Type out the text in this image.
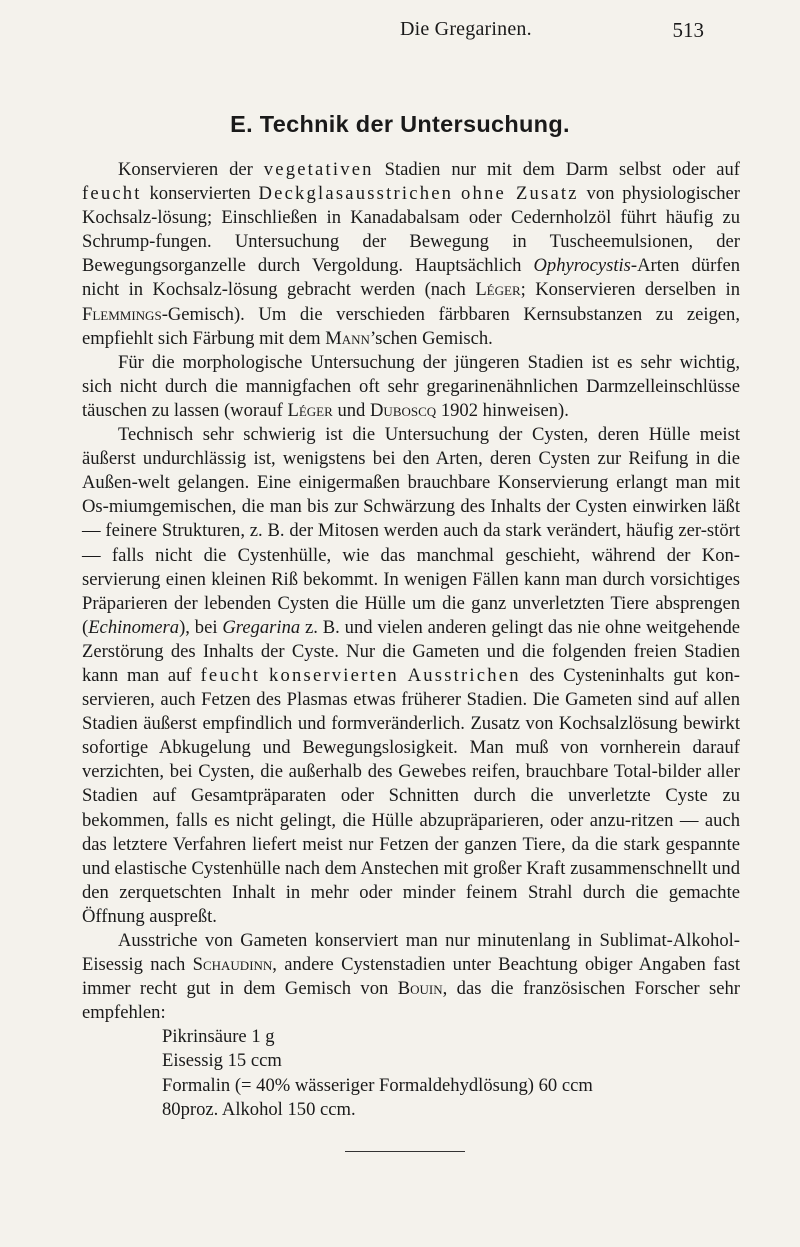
Die Gregarinen.	513
E. Technik der Untersuchung.

Konservieren der vegetativen Stadien nur mit dem Darm selbst oder auf feucht konservierten Deckglasausstrichen ohne Zusatz von physiologischer Kochsalz-lösung; Einschließen in Kanadabalsam oder Cedernholzöl führt häufig zu Schrump-fungen. Untersuchung der Bewegung in Tuscheemulsionen, der Bewegungsorganzelle durch Vergoldung. Hauptsächlich Ophyrocystis-Arten dürfen nicht in Kochsalz-lösung gebracht werden (nach Léger; Konservieren derselben in Flemmings-Gemisch). Um die verschieden färbbaren Kernsubstanzen zu zeigen, empfiehlt sich Färbung mit dem Mann’schen Gemisch.

Für die morphologische Untersuchung der jüngeren Stadien ist es sehr wichtig, sich nicht durch die mannigfachen oft sehr gregarinenähnlichen Darmzelleinschlüsse täuschen zu lassen (worauf Léger und Duboscq 1902 hinweisen).

Technisch sehr schwierig ist die Untersuchung der Cysten, deren Hülle meist äußerst undurchlässig ist, wenigstens bei den Arten, deren Cysten zur Reifung in die Außen-welt gelangen. Eine einigermaßen brauchbare Konservierung erlangt man mit Os-miumgemischen, die man bis zur Schwärzung des Inhalts der Cysten einwirken läßt — feinere Strukturen, z. B. der Mitosen werden auch da stark verändert, häufig zer-stört — falls nicht die Cystenhülle, wie das manchmal geschieht, während der Kon-servierung einen kleinen Riß bekommt. In wenigen Fällen kann man durch vorsichtiges Präparieren der lebenden Cysten die Hülle um die ganz unverletzten Tiere absprengen (Echinomera), bei Gregarina z. B. und vielen anderen gelingt das nie ohne weitgehende Zerstörung des Inhalts der Cyste. Nur die Gameten und die folgenden freien Stadien kann man auf feucht konservierten Ausstrichen des Cysteninhalts gut kon-servieren, auch Fetzen des Plasmas etwas früherer Stadien. Die Gameten sind auf allen Stadien äußerst empfindlich und formveränderlich. Zusatz von Kochsalzlösung bewirkt sofortige Abkugelung und Bewegungslosigkeit. Man muß von vornherein darauf verzichten, bei Cysten, die außerhalb des Gewebes reifen, brauchbare Total-bilder aller Stadien auf Gesamtpräparaten oder Schnitten durch die unverletzte Cyste zu bekommen, falls es nicht gelingt, die Hülle abzupräparieren, oder anzu-ritzen — auch das letztere Verfahren liefert meist nur Fetzen der ganzen Tiere, da die stark gespannte und elastische Cystenhülle nach dem Anstechen mit großer Kraft zusammenschnellt und den zerquetschten Inhalt in mehr oder minder feinem Strahl durch die gemachte Öffnung auspreßt.

Ausstriche von Gameten konserviert man nur minutenlang in Sublimat-Alkohol-Eisessig nach Schaudinn, andere Cystenstadien unter Beachtung obiger Angaben fast immer recht gut in dem Gemisch von Bouin, das die französischen Forscher sehr empfehlen:

Pikrinsäure 1 g
Eisessig 15 ccm
Formalin (= 40% wässeriger Formaldehydlösung) 60 ccm
80proz. Alkohol 150 ccm.
